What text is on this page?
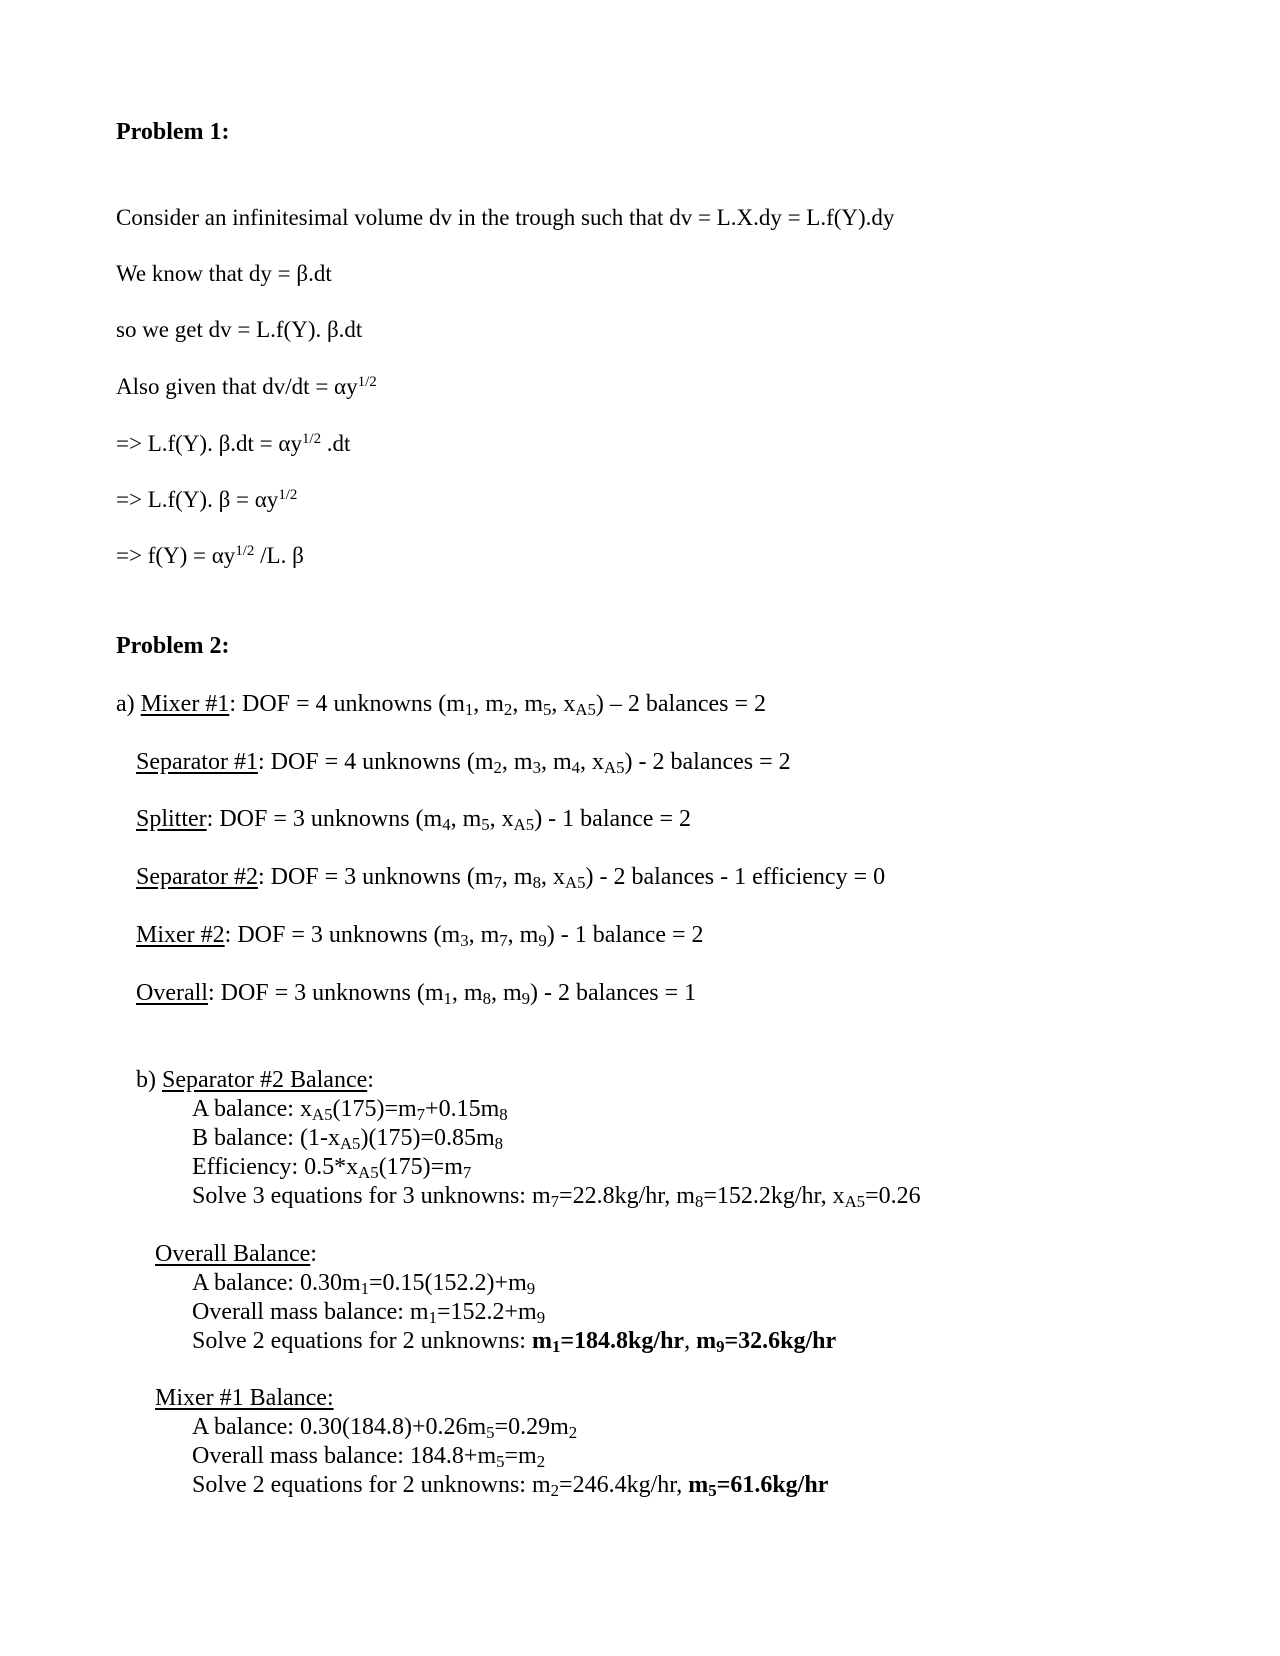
Problem 1:
Consider an infinitesimal volume dv in the trough such that dv = L.X.dy = L.f(Y).dy
We know that dy = β.dt
so we get dv = L.f(Y). β.dt
Also given that $dv/dt = \alpha y^{1/2}$
=> L.f(Y). $\beta.dt = \alpha y^{1/2}$ .dt
=> L.f(Y). $\beta = \alpha y^{1/2}$
=> $f(Y) = \alpha y^{1/2}$ /L. β
Problem 2:
a) Mixer #1: DOF = 4 unknowns ($m_1$, $m_2$, $m_5$, $x_{A5}) - 2$ balances = 2
Separator #1: DOF = 4 unknowns ($m_2$, $m_3$, $m_4$, $x_{A5}) - 2$ balances = 2
Splitter: DOF = 3 unknowns ($m_4$, $m_5$, $x_{A5}) - 1$ balance = 2
Separator #2: DOF = 3 unknowns ($m_7$, $m_8$, $x_{A5}) - 2$ balances - 1 efficiency = 0
Mixer #2: DOF = 3 unknowns ($m_3$, $m_7$, $m_9) - 1$ balance = 2
Overall: DOF = 3 unknowns ($m_1$, $m_8$, $m_9) - 2$ balances = 1
b) Separator #2 Balance:
A balance: $x_{A5}(175)=m_7+0.15m_8$
B balance: $(1-x_{A5})(175)=0.85m_8$
Efficiency: $0.5*x_{A5}(175)=m_7$
Solve 3 equations for 3 unknowns: $m_7=22.8kg/hr$, $m_8=152.2kg/hr$, $x_{A5}=0.26$
Overall Balance:
A balance: $0.30m_1=0.15(152.2)+m_9$
Overall mass balance: $m_1=152.2+m_9$
Solve 2 equations for 2 unknowns: $m_1=184.8kg/hr$, $m_9=32.6kg/hr$
Mixer #1 Balance:
A balance: $0.30(184.8)+0.26m_5=0.29m_2$
Overall mass balance: $184.8+m_5=m_2$
Solve 2 equations for 2 unknowns: $m_2=246.4kg/hr$, $m_5=61.6kg/hr$
